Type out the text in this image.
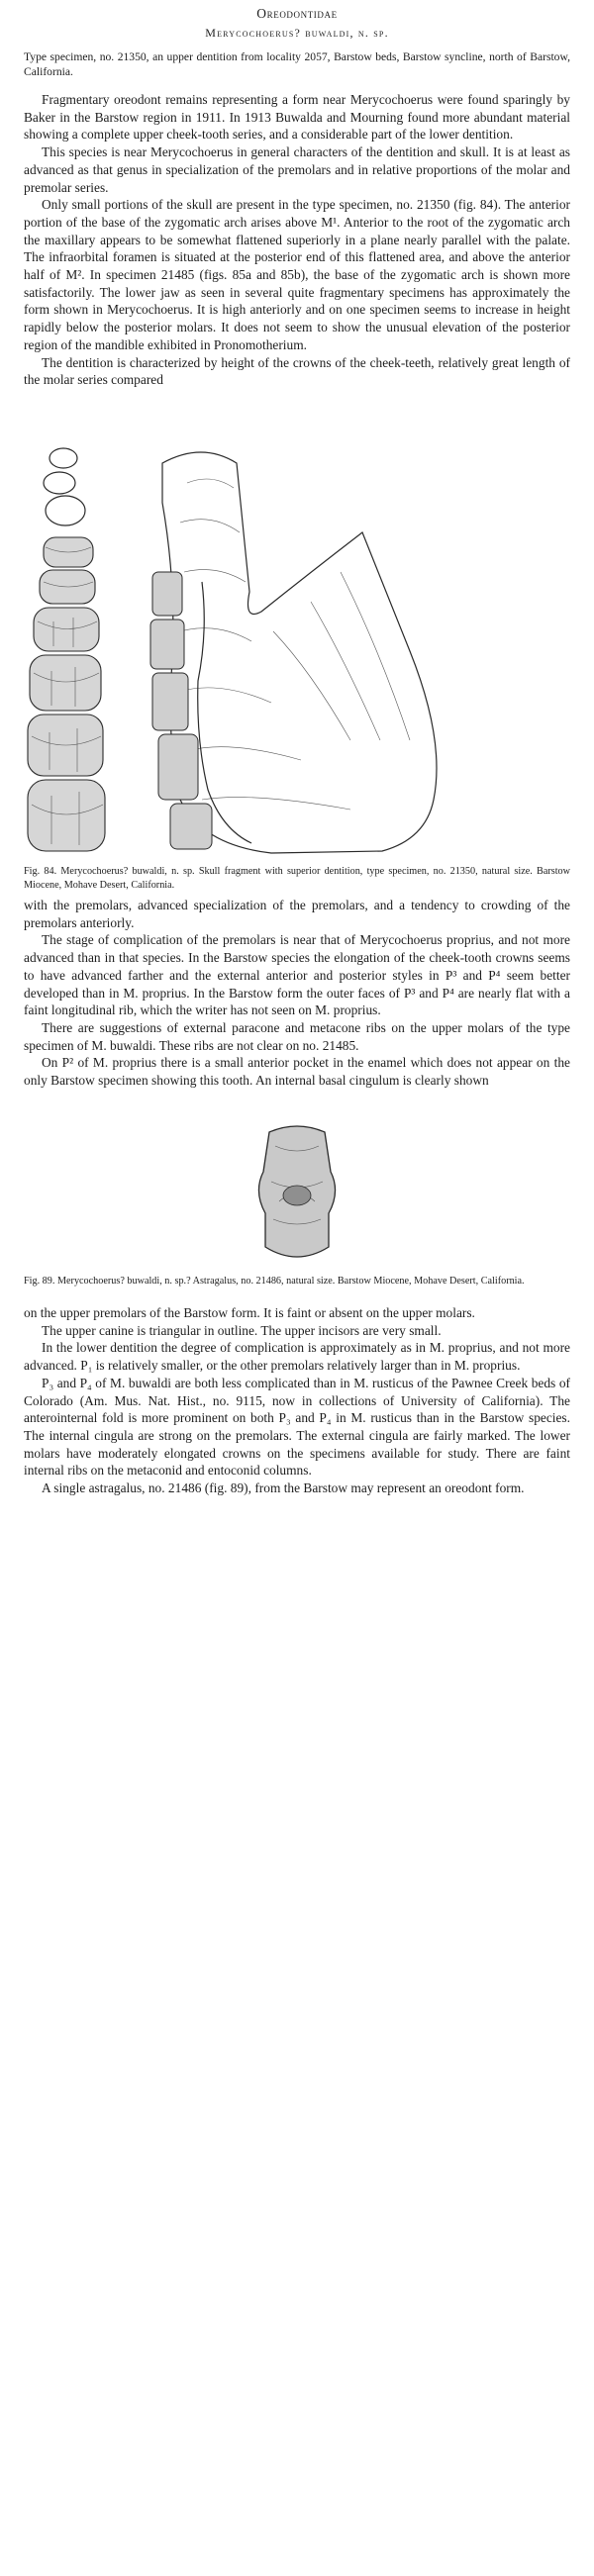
Oreodontidae

Merycochoerus? buwaldi, n. sp.

Type specimen, no. 21350, an upper dentition from locality 2057, Barstow beds, Barstow syncline, north of Barstow, California.

Fragmentary oreodont remains representing a form near Merycochoerus were found sparingly by Baker in the Barstow region in 1911. In 1913 Buwalda and Mourning found more abundant material showing a complete upper cheek-tooth series, and a considerable part of the lower dentition.

This species is near Merycochoerus in general characters of the dentition and skull. It is at least as advanced as that genus in specialization of the premolars and in relative proportions of the molar and premolar series.

Only small portions of the skull are present in the type specimen, no. 21350 (fig. 84). The anterior portion of the base of the zygomatic arch arises above M¹. Anterior to the root of the zygomatic arch the maxillary appears to be somewhat flattened superiorly in a plane nearly parallel with the palate. The infraorbital foramen is situated at the posterior end of this flattened area, and above the anterior half of M². In specimen 21485 (figs. 85a and 85b), the base of the zygomatic arch is shown more satisfactorily. The lower jaw as seen in several quite fragmentary specimens has approximately the form shown in Merycochoerus. It is high anteriorly and on one specimen seems to increase in height rapidly below the posterior molars. It does not seem to show the unusual elevation of the posterior region of the mandible exhibited in Pronomotherium.

The dentition is characterized by height of the crowns of the cheek-teeth, relatively great length of the molar series compared

Fig. 84. Merycochoerus? buwaldi, n. sp. Skull fragment with superior dentition, type specimen, no. 21350, natural size. Barstow Miocene, Mohave Desert, California.

with the premolars, advanced specialization of the premolars, and a tendency to crowding of the premolars anteriorly.

The stage of complication of the premolars is near that of Merycochoerus proprius, and not more advanced than in that species. In the Barstow species the elongation of the cheek-tooth crowns seems to have advanced farther and the external anterior and posterior styles in P³ and P⁴ seem better developed than in M. proprius. In the Barstow form the outer faces of P³ and P⁴ are nearly flat with a faint longitudinal rib, which the writer has not seen on M. proprius.

There are suggestions of external paracone and metacone ribs on the upper molars of the type specimen of M. buwaldi. These ribs are not clear on no. 21485.

On P² of M. proprius there is a small anterior pocket in the enamel which does not appear on the only Barstow specimen showing this tooth. An internal basal cingulum is clearly shown

Fig. 89. Merycochoerus? buwaldi, n. sp.? Astragalus, no. 21486, natural size. Barstow Miocene, Mohave Desert, California.

on the upper premolars of the Barstow form. It is faint or absent on the upper molars.

The upper canine is triangular in outline. The upper incisors are very small.

In the lower dentition the degree of complication is approximately as in M. proprius, and not more advanced. P₁ is relatively smaller, or the other premolars relatively larger than in M. proprius.

P₃ and P₄ of M. buwaldi are both less complicated than in M. rusticus of the Pawnee Creek beds of Colorado (Am. Mus. Nat. Hist., no. 9115, now in collections of University of California). The anterointernal fold is more prominent on both P₃ and P₄ in M. rusticus than in the Barstow species. The internal cingula are strong on the premolars. The external cingula are fairly marked. The lower molars have moderately elongated crowns on the specimens available for study. There are faint internal ribs on the metaconid and entoconid columns.

A single astragalus, no. 21486 (fig. 89), from the Barstow may represent an oreodont form.
